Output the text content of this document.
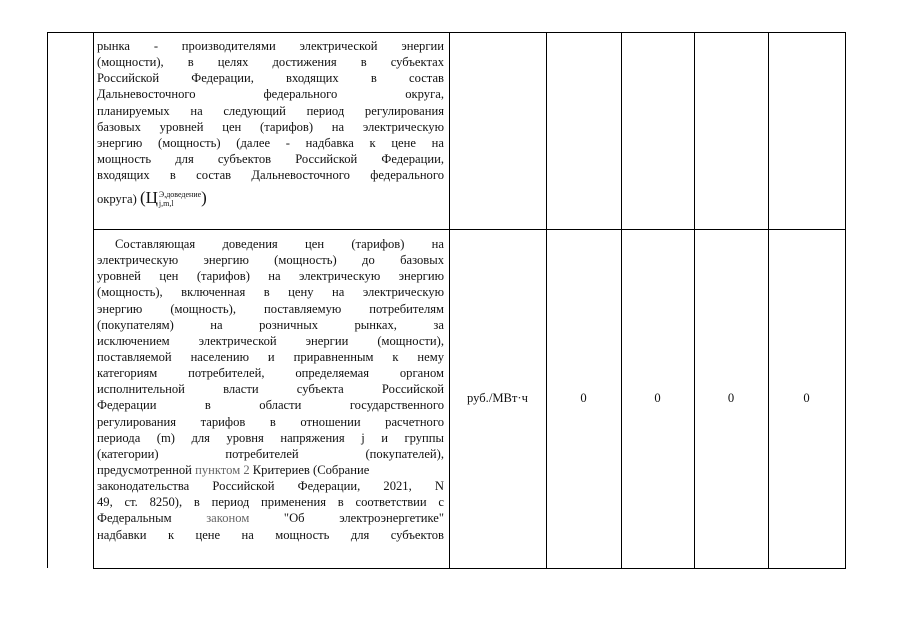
рынка - производителями электрической энергии
(мощности), в целях достижения в субъектах
Российской Федерации, входящих в состав
Дальневосточного федерального округа,
планируемых на следующий период регулирования
базовых уровней цен (тарифов) на электрическую
энергию (мощность) (далее - надбавка к цене на
мощность для субъектов Российской Федерации,
входящих в состав Дальневосточного федерального
округа) (Ц Э,доведение
j,m,l	)
Составляющая доведения цен (тарифов) на
электрическую энергию (мощность) до базовых
уровней цен (тарифов) на электрическую энергию
(мощность), включенная в цену на электрическую
энергию (мощность), поставляемую потребителям
(покупателям) на розничных рынках, за
исключением электрической энергии (мощности),
поставляемой населению и приравненным к нему
категориям потребителей, определяемая органом
исполнительной власти субъекта Российской
Федерации в области государственного
регулирования тарифов в отношении расчетного
периода (m) для уровня напряжения j и группы
(категории) потребителей (покупателей),
предусмотренной пунктом 2 Критериев (Собрание
законодательства Российской Федерации, 2021, N
49, ст. 8250), в период применения в соответствии с
Федеральным законом "Об электроэнергетике"
надбавки к цене на мощность для субъектов
руб./МВт·ч	0	0	0	0
